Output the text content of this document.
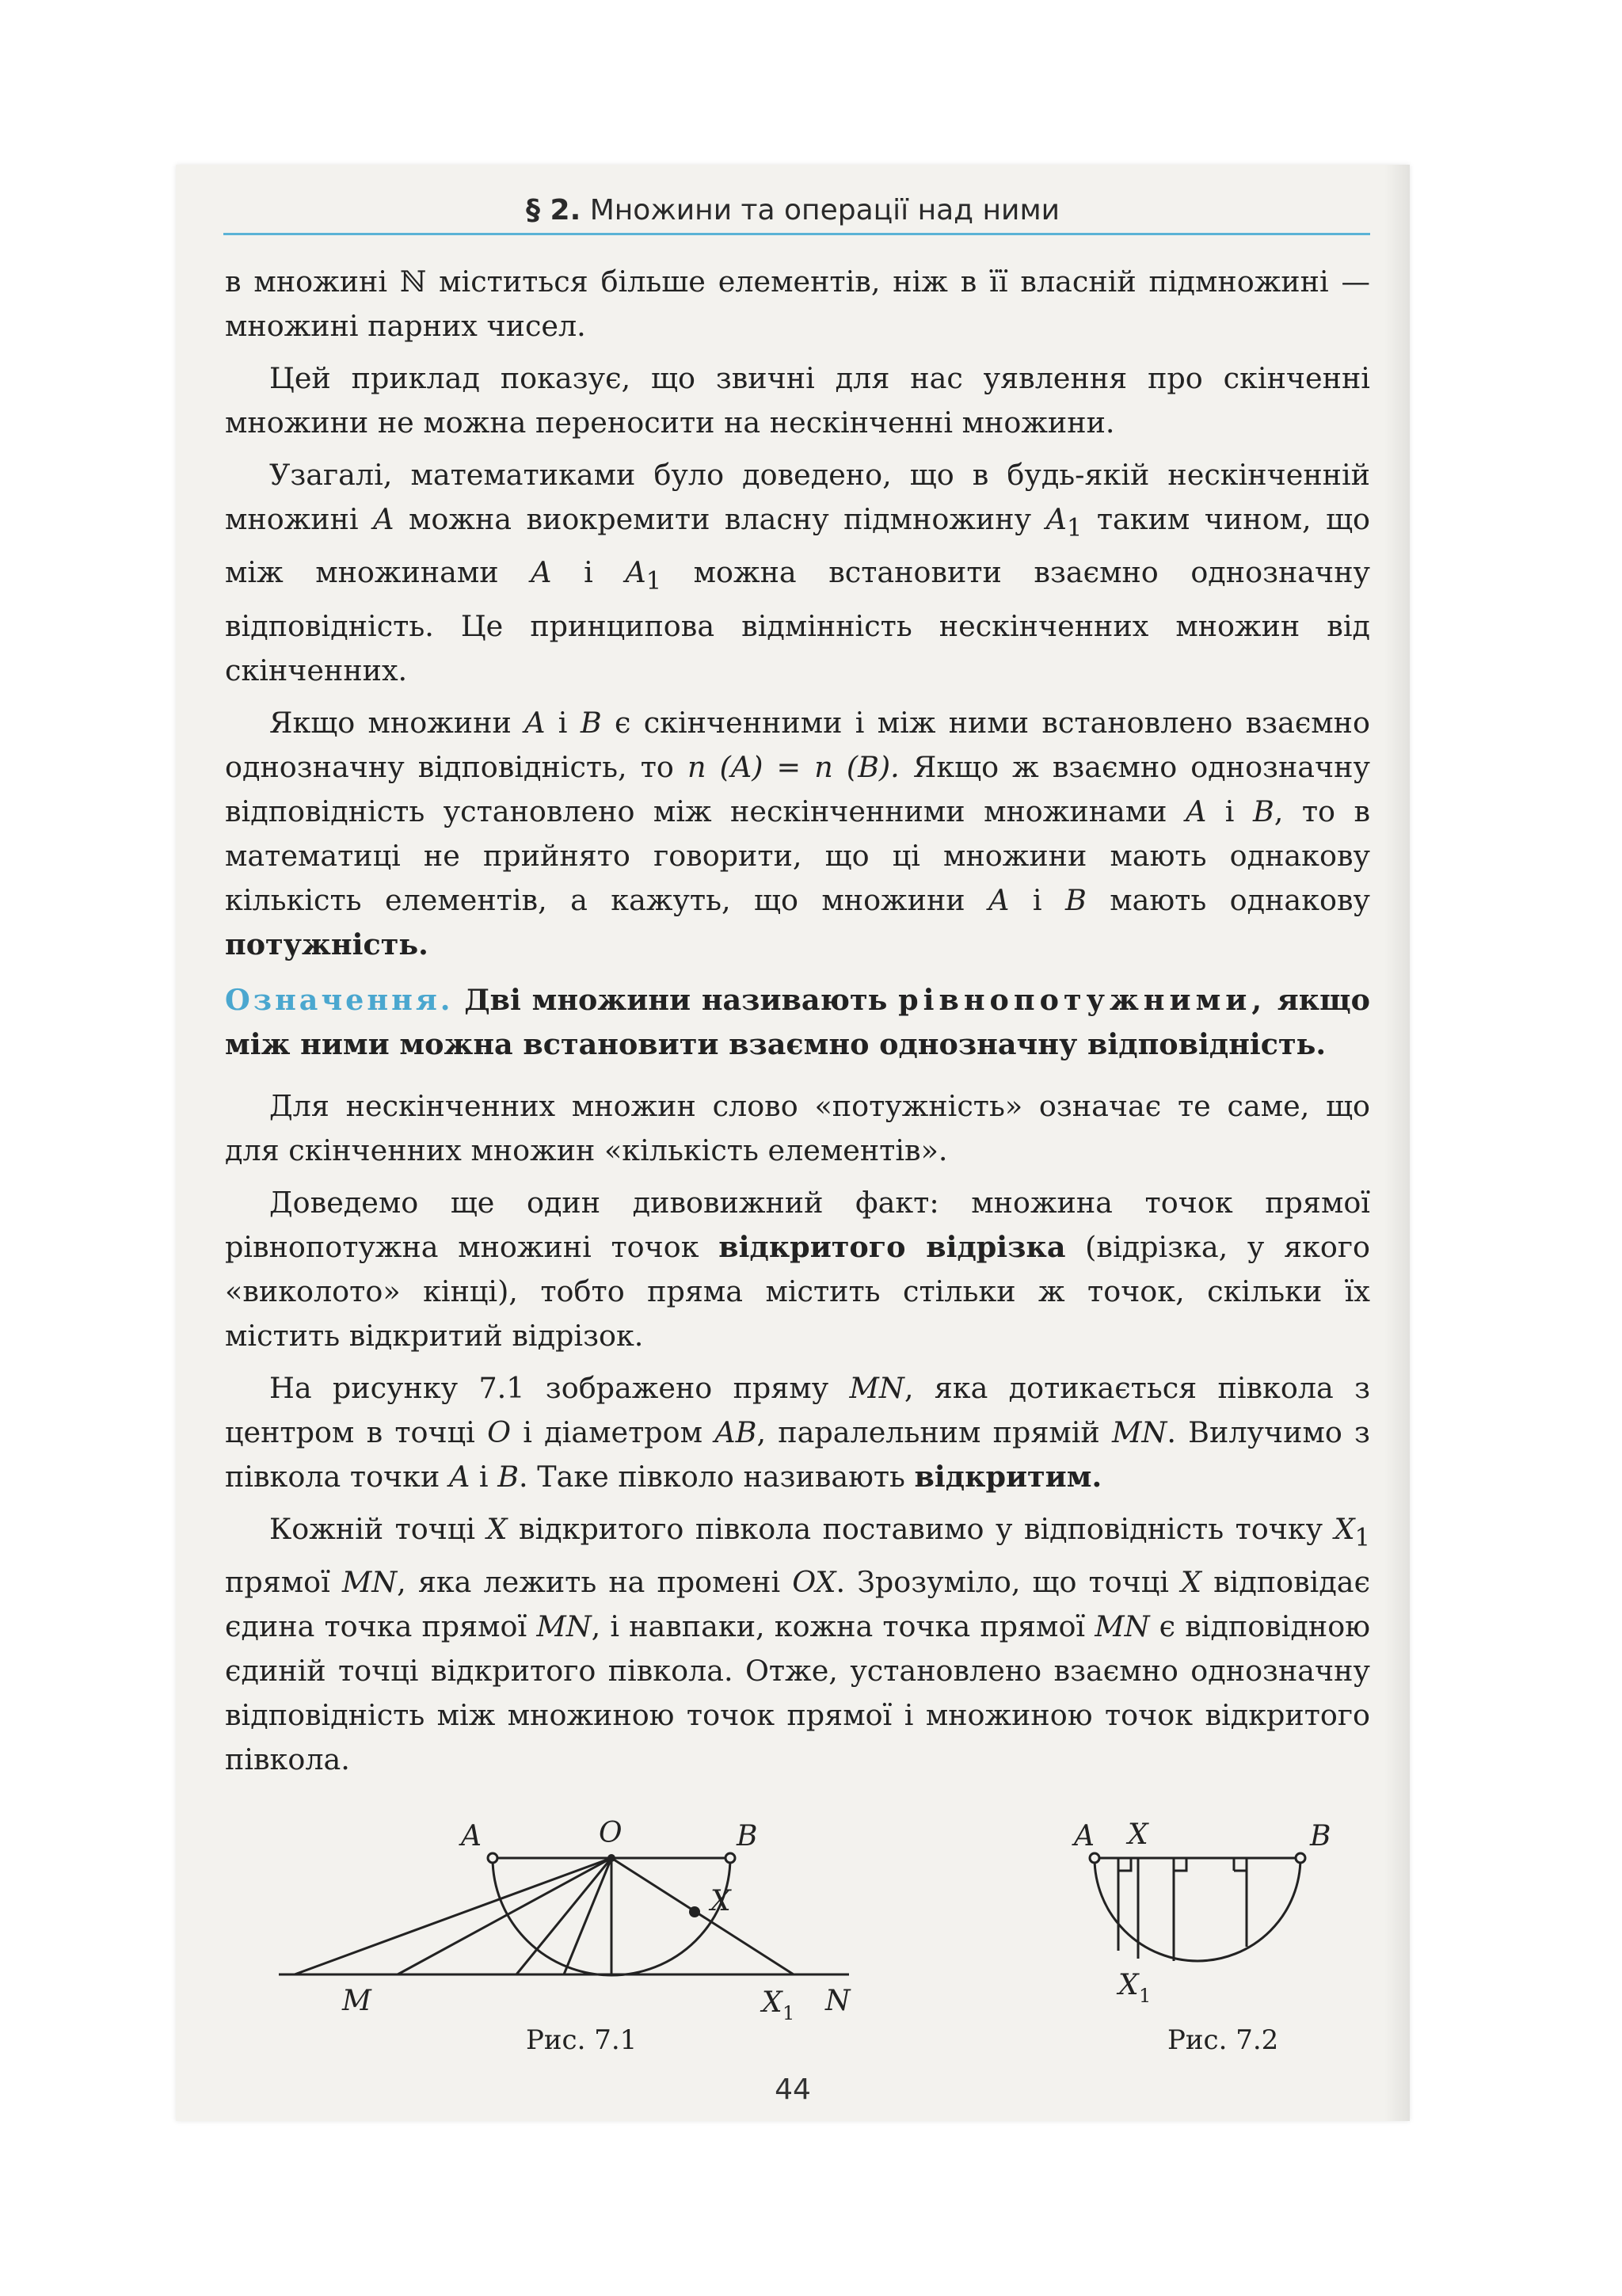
§ 2. Множини та операції над ними

в множині ℕ міститься більше елементів, ніж в її власній підмножині — множині парних чисел.

Цей приклад показує, що звичні для нас уявлення про скінченні множини не можна переносити на нескінченні множини.

Узагалі, математиками було доведено, що в будь-якій нескінченній множині A можна виокремити власну підмножину $A_1$ таким чином, що між множинами A і $A_1$ можна встановити взаємно однозначну відповідність. Це принципова відмінність нескінченних множин від скінченних.

Якщо множини A і B є скінченними і між ними встановлено взаємно однозначну відповідність, то n (A) = n (B). Якщо ж взаємно однозначну відповідність установлено між нескінченними множинами A і B, то в математиці не прийнято говорити, що ці множини мають однакову кількість елементів, а кажуть, що множини A і B мають однакову потужність.

Означення. Дві множини називають рівнопотужними, якщо між ними можна встановити взаємно однозначну відповідність.

Для нескінченних множин слово «потужність» означає те саме, що для скінченних множин «кількість елементів».

Доведемо ще один дивовижний факт: множина точок прямої рівнопотужна множині точок відкритого відрізка (відрізка, у якого «виколото» кінці), тобто пряма містить стільки ж точок, скільки їх містить відкритий відрізок.

На рисунку 7.1 зображено пряму MN, яка дотикається півкола з центром в точці O і діаметром AB, паралельним прямій MN. Вилучимо з півкола точки A і B. Таке півколо називають відкритим.

Кожній точці X відкритого півкола поставимо у відповідність точку $X_1$ прямої MN, яка лежить на промені OX. Зрозуміло, що точці X відповідає єдина точка прямої MN, і навпаки, кожна точка прямої MN є відповідною єдиній точці відкритого півкола. Отже, установлено взаємно однозначну відповідність між множиною точок прямої і множиною точок відкритого півкола.

A	O	B
X
M	X 1 N
Рис. 7.1
A X	B
X 1
Рис. 7.2
44
